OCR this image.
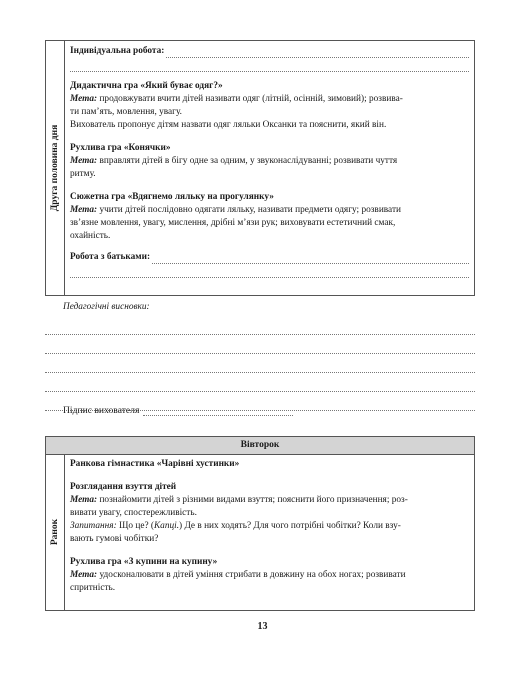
Друга половина дня
Індивідуальна робота:
Дидактична гра «Який буває одяг?»
Мета: продовжувати вчити дітей називати одяг (літній, осінній, зимовий); розвива-
ти пам’ять, мовлення, увагу.
Вихователь пропонує дітям назвати одяг ляльки Оксанки та пояснити, який він.
Рухлива гра «Конячки»
Мета: вправляти дітей в бігу одне за одним, у звуконаслідуванні; розвивати чуття
ритму.
Сюжетна гра «Вдягнемо ляльку на прогулянку»
Мета: учити дітей послідовно одягати ляльку, називати предмети одягу; розвивати
зв’язне мовлення, увагу, мислення, дрібні м’язи рук; виховувати естетичний смак,
охайність.
Робота з батьками:
Педагогічні висновки:
Підпис вихователя
Вівторок
Ранок
Ранкова гімнастика «Чарівні хустинки»
Розглядання взуття дітей
Мета: познайомити дітей з різними видами взуття; пояснити його призначення; роз-
вивати увагу, спостережливість.
Запитання: Що це? (Капці.) Де в них ходять? Для чого потрібні чобітки? Коли взу-
вають гумові чобітки?
Рухлива гра «З купини на купину»
Мета: удосконалювати в дітей уміння стрибати в довжину на обох ногах; розвивати
спритність.
13
